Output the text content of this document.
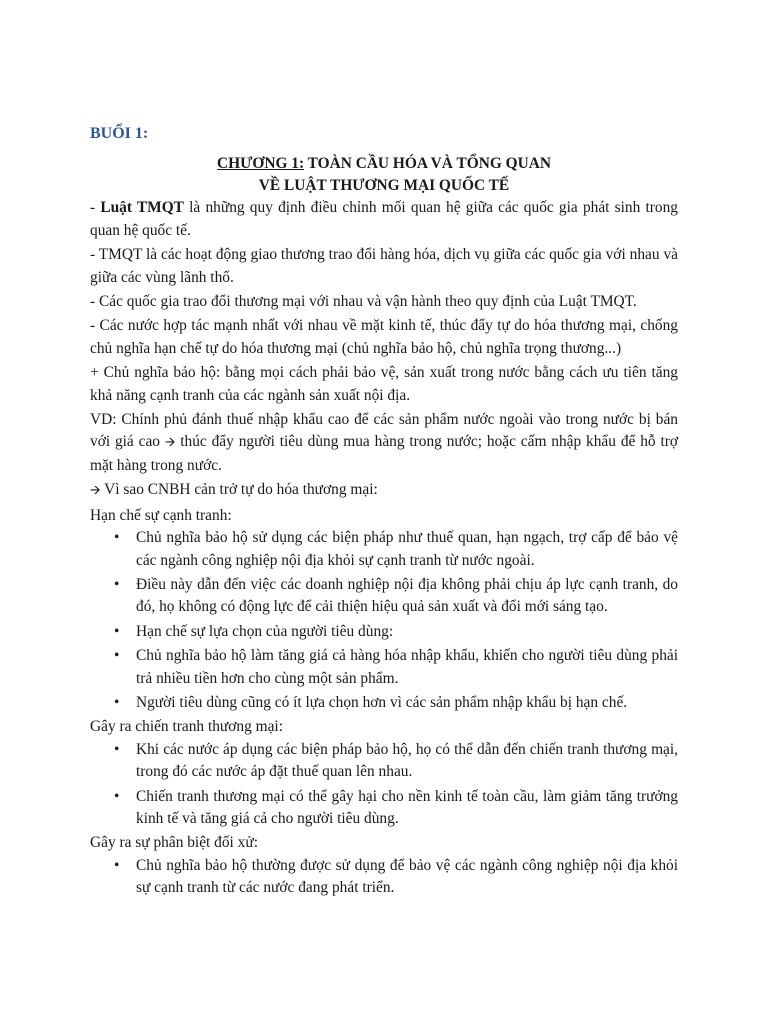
BUỔI 1:
CHƯƠNG 1: TOÀN CẦU HÓA VÀ TỔNG QUAN
VỀ LUẬT THƯƠNG MẠI QUỐC TẾ

- Luật TMQT là những quy định điều chỉnh mối quan hệ giữa các quốc gia phát sinh trong quan hệ quốc tế.

- TMQT là các hoạt động giao thương trao đổi hàng hóa, dịch vụ giữa các quốc gia với nhau và giữa các vùng lãnh thổ.

- Các quốc gia trao đổi thương mại với nhau và vận hành theo quy định của Luật TMQT.

- Các nước hợp tác mạnh nhất với nhau về mặt kinh tế, thúc đẩy tự do hóa thương mại, chống chủ nghĩa hạn chế tự do hóa thương mại (chủ nghĩa bảo hộ, chủ nghĩa trọng thương...)

+ Chủ nghĩa bảo hộ: bằng mọi cách phải bảo vệ, sản xuất trong nước bằng cách ưu tiên tăng khả năng cạnh tranh của các ngành sản xuất nội địa.

VD: Chính phủ đánh thuế nhập khẩu cao để các sản phẩm nước ngoài vào trong nước bị bán với giá cao 🡪 thúc đẩy người tiêu dùng mua hàng trong nước; hoặc cấm nhập khẩu để hỗ trợ mặt hàng trong nước.

🡪 Vì sao CNBH cản trở tự do hóa thương mại:

Hạn chế sự cạnh tranh:

• Chủ nghĩa bảo hộ sử dụng các biện pháp như thuế quan, hạn ngạch, trợ cấp để bảo vệ các ngành công nghiệp nội địa khỏi sự cạnh tranh từ nước ngoài.
• Điều này dẫn đến việc các doanh nghiệp nội địa không phải chịu áp lực cạnh tranh, do đó, họ không có động lực để cải thiện hiệu quả sản xuất và đổi mới sáng tạo.
• Hạn chế sự lựa chọn của người tiêu dùng:
• Chủ nghĩa bảo hộ làm tăng giá cả hàng hóa nhập khẩu, khiến cho người tiêu dùng phải trả nhiều tiền hơn cho cùng một sản phẩm.
• Người tiêu dùng cũng có ít lựa chọn hơn vì các sản phẩm nhập khẩu bị hạn chế.

Gây ra chiến tranh thương mại:

• Khi các nước áp dụng các biện pháp bảo hộ, họ có thể dẫn đến chiến tranh thương mại, trong đó các nước áp đặt thuế quan lên nhau.
• Chiến tranh thương mại có thể gây hại cho nền kinh tế toàn cầu, làm giảm tăng trưởng kinh tế và tăng giá cả cho người tiêu dùng.

Gây ra sự phân biệt đối xử:

• Chủ nghĩa bảo hộ thường được sử dụng để bảo vệ các ngành công nghiệp nội địa khỏi sự cạnh tranh từ các nước đang phát triển.
